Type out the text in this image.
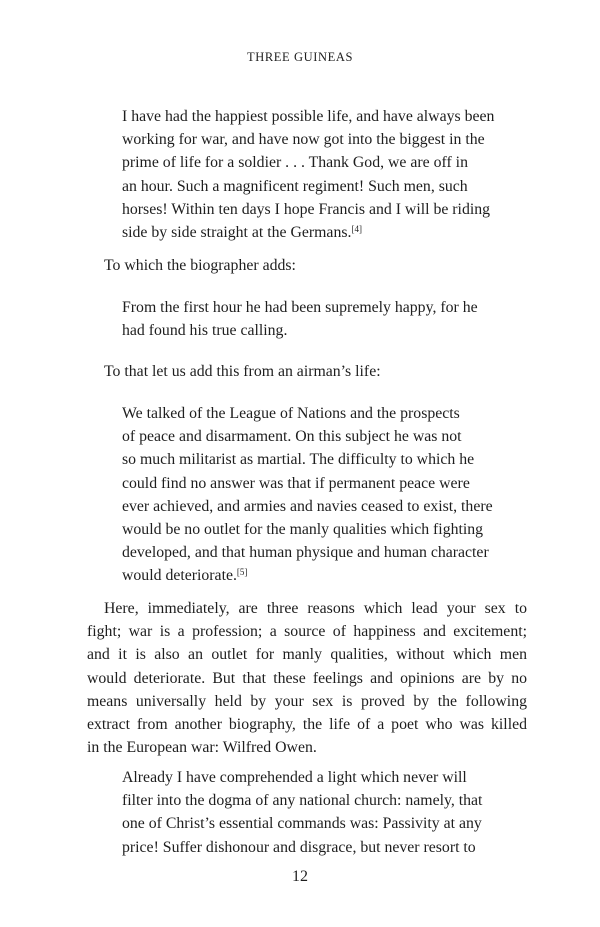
THREE GUINEAS
I have had the happiest possible life, and have always been
working for war, and have now got into the biggest in the
prime of life for a soldier . . . Thank God, we are off in
an hour. Such a magnificent regiment! Such men, such
horses! Within ten days I hope Francis and I will be riding
side by side straight at the Germans.[4]
To which the biographer adds:
From the first hour he had been supremely happy, for he
had found his true calling.
To that let us add this from an airman’s life:
We talked of the League of Nations and the prospects
of peace and disarmament. On this subject he was not
so much militarist as martial. The difficulty to which he
could find no answer was that if permanent peace were
ever achieved, and armies and navies ceased to exist, there
would be no outlet for the manly qualities which fighting
developed, and that human physique and human character
would deteriorate.[5]
Here, immediately, are three reasons which lead your sex to
fight; war is a profession; a source of happiness and excitement;
and it is also an outlet for manly qualities, without which men
would deteriorate. But that these feelings and opinions are by no
means universally held by your sex is proved by the following
extract from another biography, the life of a poet who was killed
in the European war: Wilfred Owen.
Already I have comprehended a light which never will
filter into the dogma of any national church: namely, that
one of Christ’s essential commands was: Passivity at any
price! Suffer dishonour and disgrace, but never resort to
12
